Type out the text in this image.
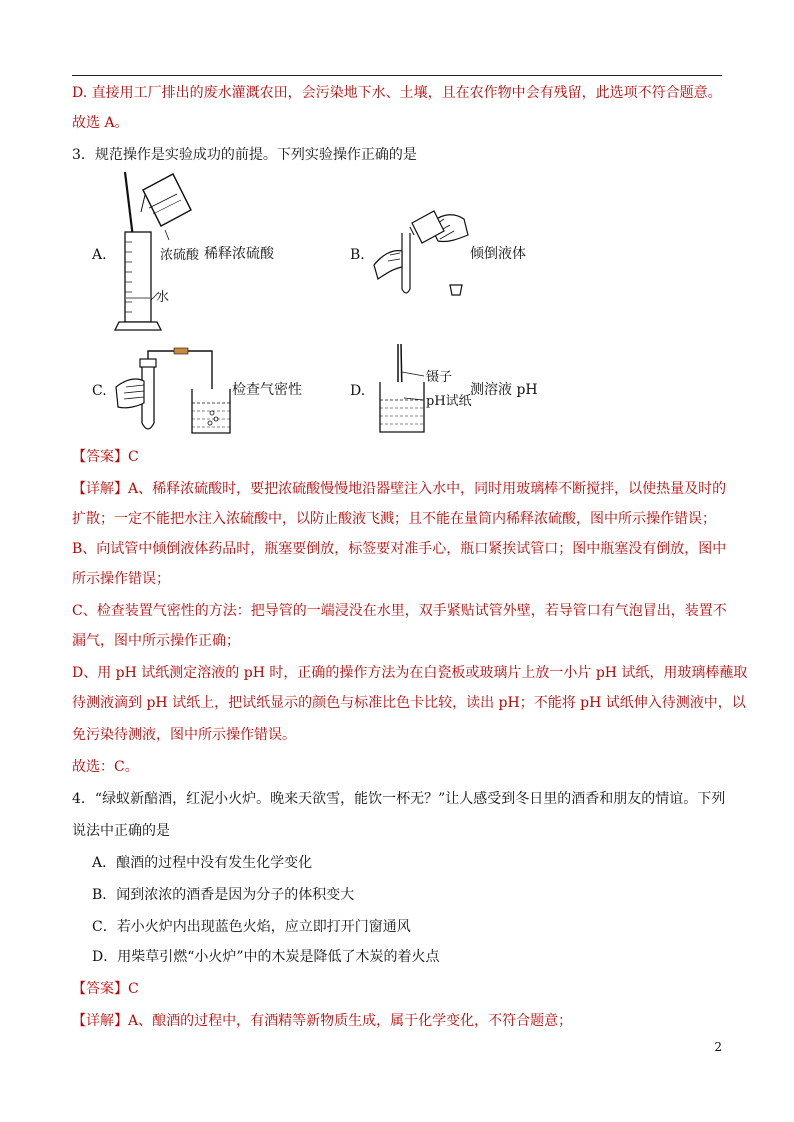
D. 直接用工厂排出的废水灌溉农田，会污染地下水、土壤，且在农作物中会有残留，此选项不符合题意。
故选 A。
3．规范操作是实验成功的前提。下列实验操作正确的是
A.	浓硫酸 稀释浓硫酸
水
B.	倾倒液体
C.	检查气密性	D.
镊子
测溶液 pH
pH试纸
【答案】C
【详解】A、稀释浓硫酸时，要把浓硫酸慢慢地沿器壁注入水中，同时用玻璃棒不断搅拌，以使热量及时的
扩散；一定不能把水注入浓硫酸中，以防止酸液飞溅；且不能在量筒内稀释浓硫酸，图中所示操作错误；
B、向试管中倾倒液体药品时，瓶塞要倒放，标签要对准手心，瓶口紧挨试管口；图中瓶塞没有倒放，图中
所示操作错误；
C、检查装置气密性的方法：把导管的一端浸没在水里，双手紧贴试管外壁，若导管口有气泡冒出，装置不
漏气，图中所示操作正确；
D、用 pH 试纸测定溶液的 pH 时，正确的操作方法为在白瓷板或玻璃片上放一小片 pH 试纸，用玻璃棒蘸取
待测液滴到 pH 试纸上，把试纸显示的颜色与标准比色卡比较，读出 pH；不能将 pH 试纸伸入待测液中，以
免污染待测液，图中所示操作错误。
故选：C。
4．“绿蚁新醅酒，红泥小火炉。晚来天欲雪，能饮一杯无？”让人感受到冬日里的酒香和朋友的情谊。下列
说法中正确的是
A．酿酒的过程中没有发生化学变化
B．闻到浓浓的酒香是因为分子的体积变大
C．若小火炉内出现蓝色火焰，应立即打开门窗通风
D．用柴草引燃“小火炉”中的木炭是降低了木炭的着火点
【答案】C
【详解】A、酿酒的过程中，有酒精等新物质生成，属于化学变化，不符合题意；
2
